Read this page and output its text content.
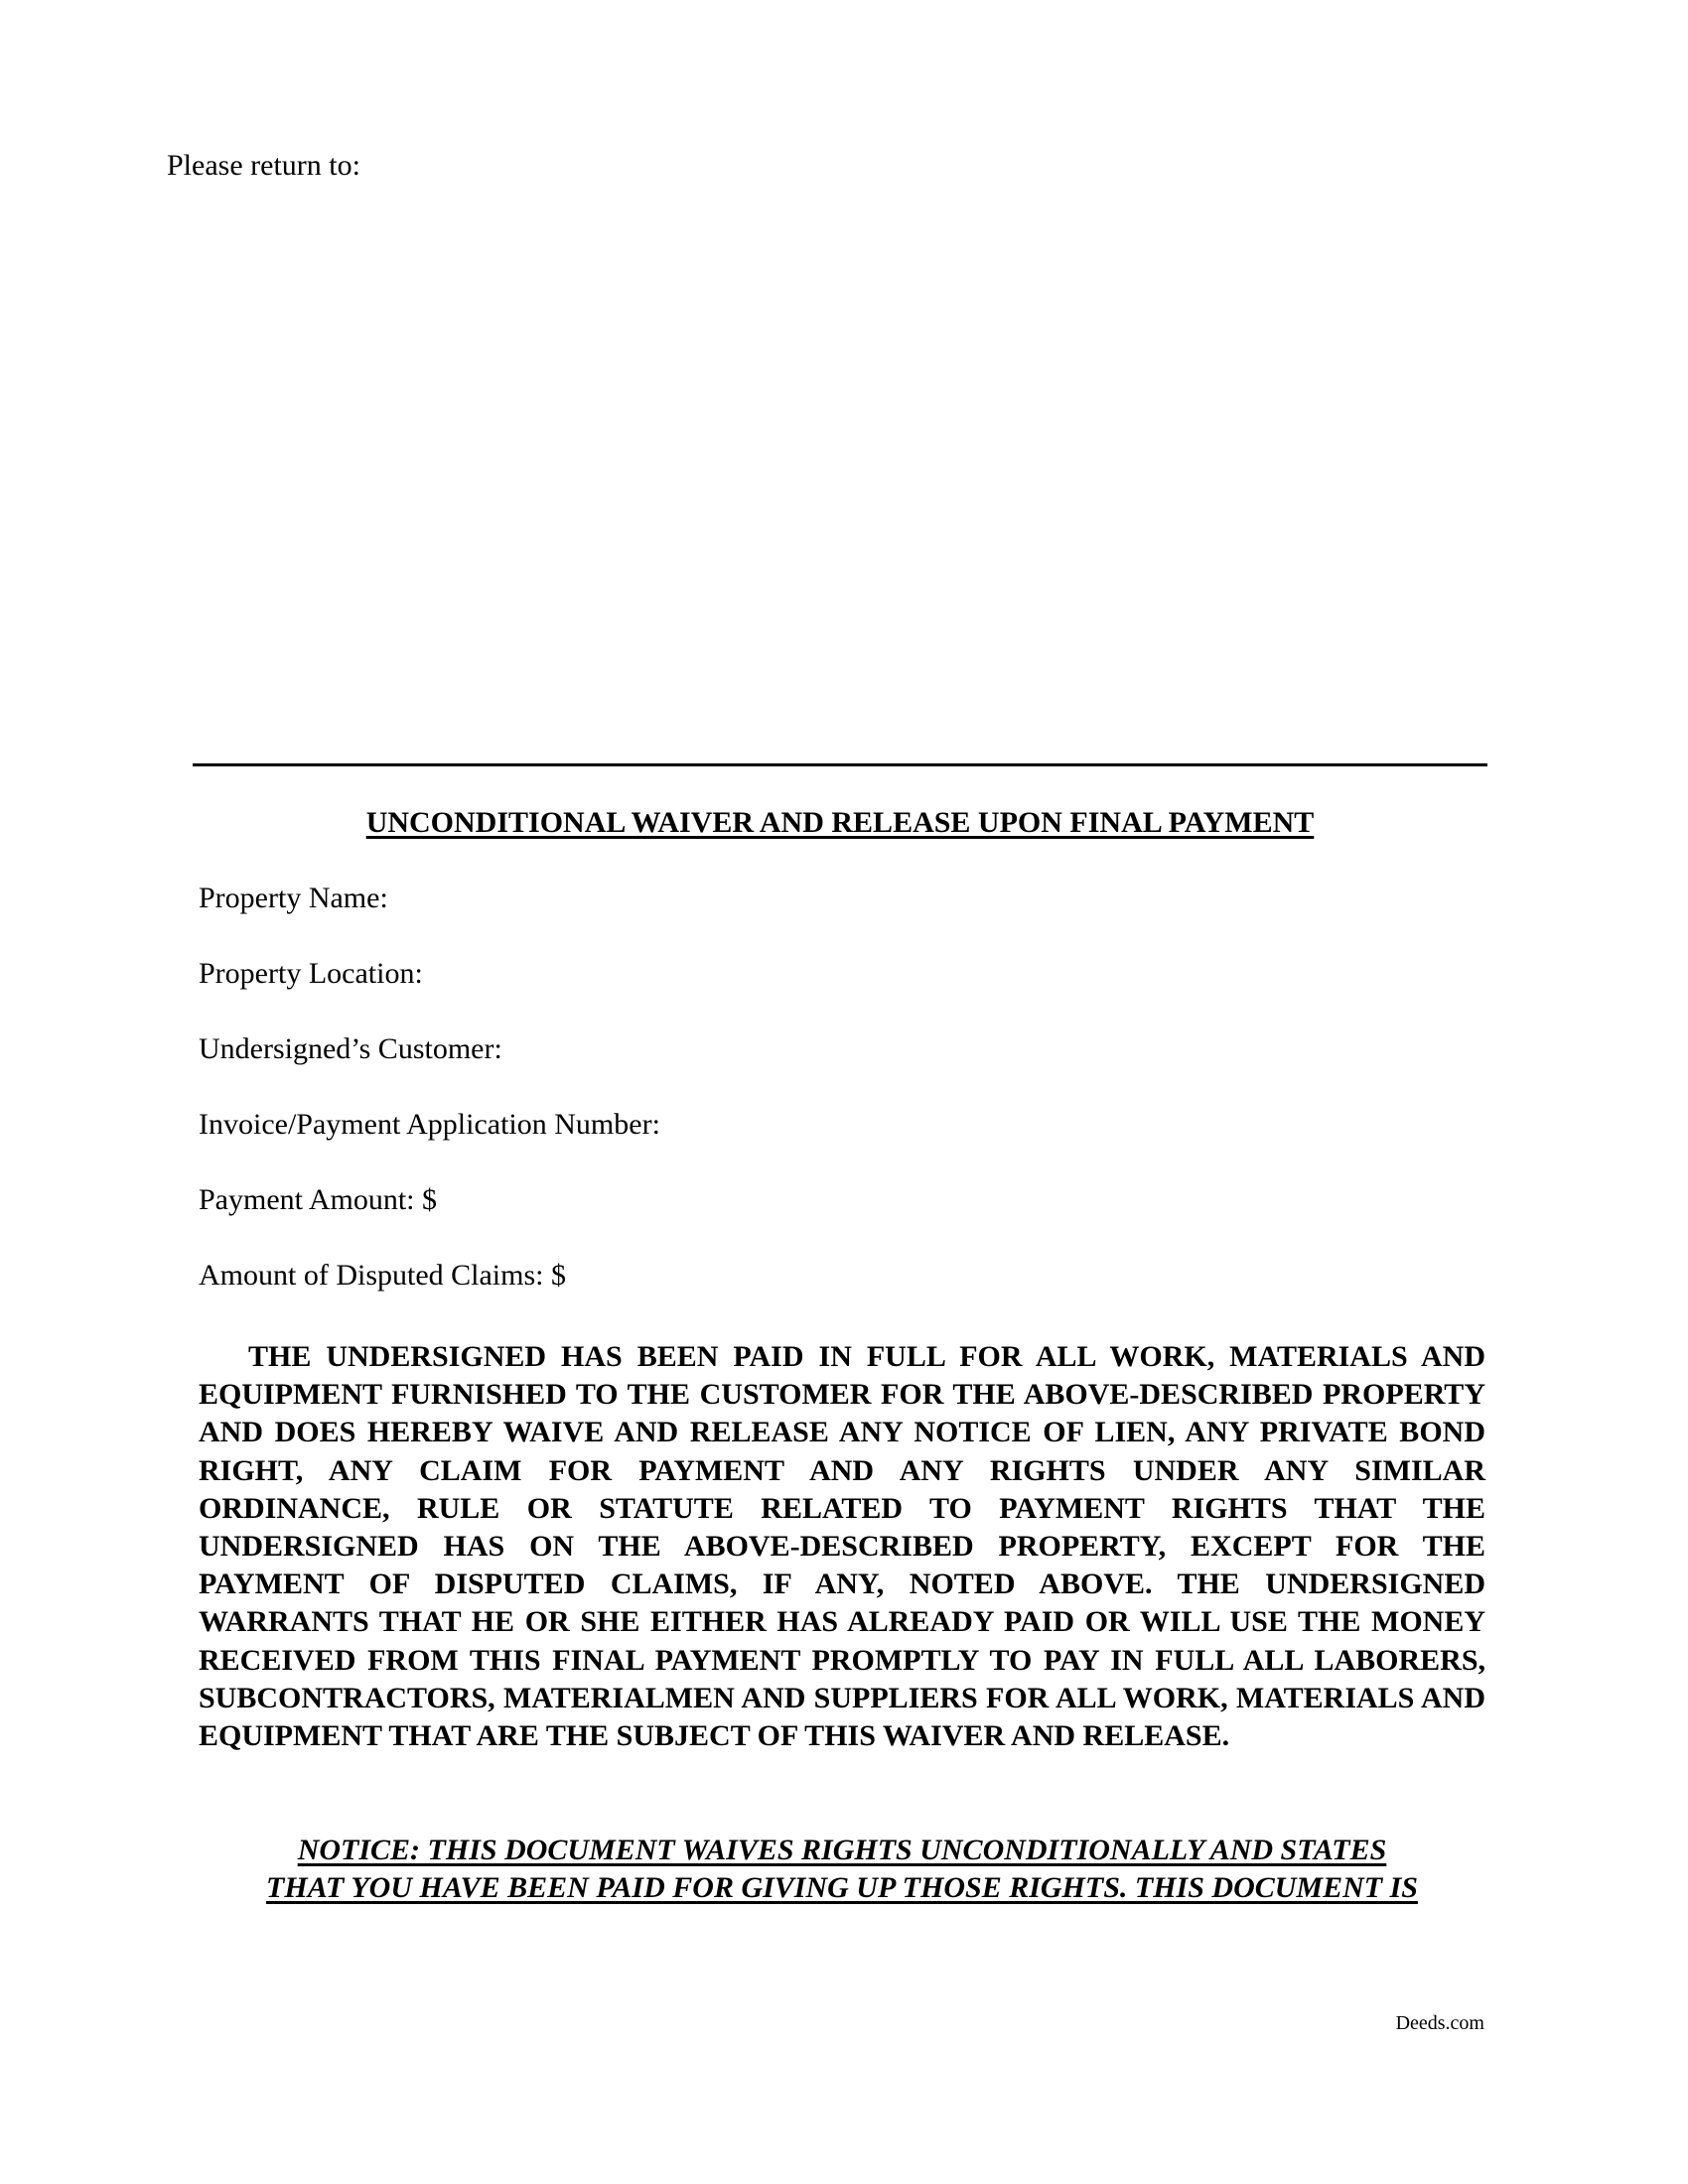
Please return to:
UNCONDITIONAL WAIVER AND RELEASE UPON FINAL PAYMENT
Property Name:
Property Location:
Undersigned’s Customer:
Invoice/Payment Application Number:
Payment Amount: $
Amount of Disputed Claims: $
THE UNDERSIGNED HAS BEEN PAID IN FULL FOR ALL WORK, MATERIALS AND EQUIPMENT FURNISHED TO THE CUSTOMER FOR THE ABOVE-DESCRIBED PROPERTY AND DOES HEREBY WAIVE AND RELEASE ANY NOTICE OF LIEN, ANY PRIVATE BOND RIGHT, ANY CLAIM FOR PAYMENT AND ANY RIGHTS UNDER ANY SIMILAR ORDINANCE, RULE OR STATUTE RELATED TO PAYMENT RIGHTS THAT THE UNDERSIGNED HAS ON THE ABOVE-DESCRIBED PROPERTY, EXCEPT FOR THE PAYMENT OF DISPUTED CLAIMS, IF ANY, NOTED ABOVE. THE UNDERSIGNED WARRANTS THAT HE OR SHE EITHER HAS ALREADY PAID OR WILL USE THE MONEY RECEIVED FROM THIS FINAL PAYMENT PROMPTLY TO PAY IN FULL ALL LABORERS, SUBCONTRACTORS, MATERIALMEN AND SUPPLIERS FOR ALL WORK, MATERIALS AND EQUIPMENT THAT ARE THE SUBJECT OF THIS WAIVER AND RELEASE.
NOTICE: THIS DOCUMENT WAIVES RIGHTS UNCONDITIONALLY AND STATES
THAT YOU HAVE BEEN PAID FOR GIVING UP THOSE RIGHTS. THIS DOCUMENT IS
Deeds.com
